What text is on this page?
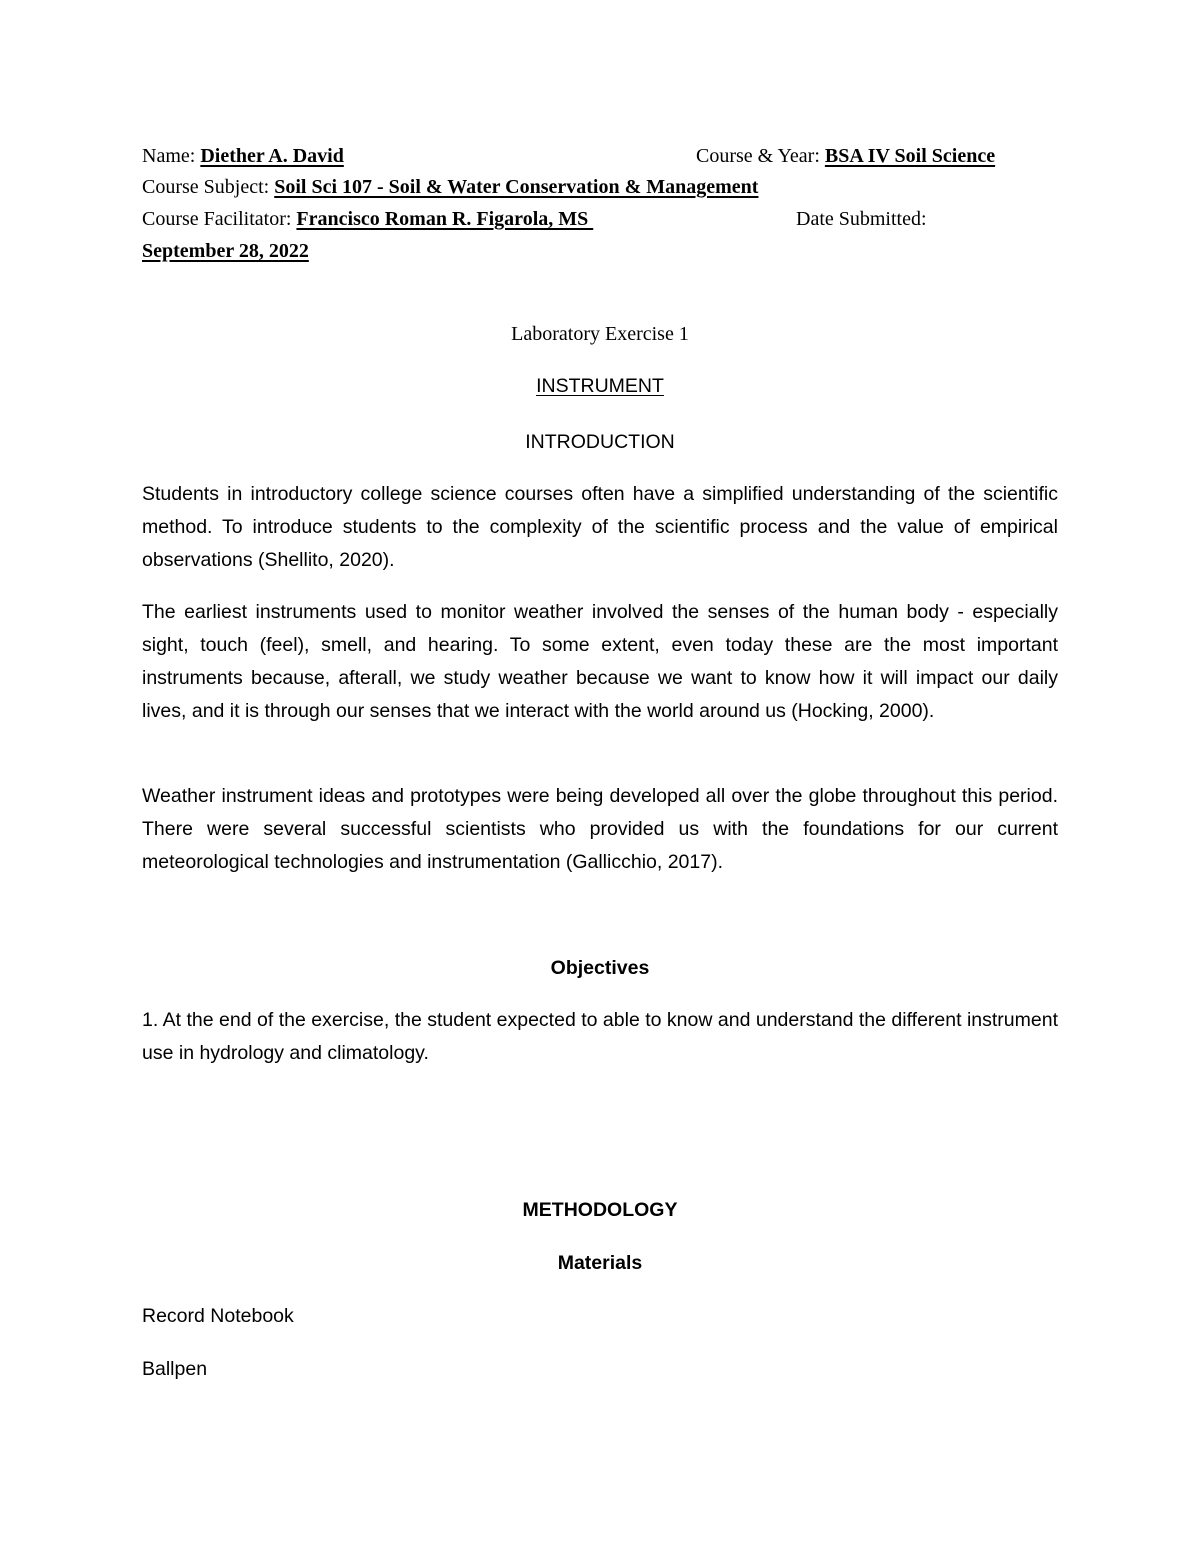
Name: Diether A. David	Course & Year: BSA IV Soil Science
Course Subject: Soil Sci 107 - Soil & Water Conservation & Management
Course Facilitator: Francisco Roman R. Figarola, MS	Date Submitted:
September 28, 2022
Laboratory Exercise 1
INSTRUMENT
INTRODUCTION
Students in introductory college science courses often have a simplified understanding of the scientific method. To introduce students to the complexity of the scientific process and the value of empirical observations (Shellito, 2020).
The earliest instruments used to monitor weather involved the senses of the human body - especially sight, touch (feel), smell, and hearing. To some extent, even today these are the most important instruments because, afterall, we study weather because we want to know how it will impact our daily lives, and it is through our senses that we interact with the world around us (Hocking, 2000).
Weather instrument ideas and prototypes were being developed all over the globe throughout this period. There were several successful scientists who provided us with the foundations for our current meteorological technologies and instrumentation (Gallicchio, 2017).
Objectives
1. At the end of the exercise, the student expected to able to know and understand the different instrument use in hydrology and climatology.
METHODOLOGY
Materials
Record Notebook
Ballpen
